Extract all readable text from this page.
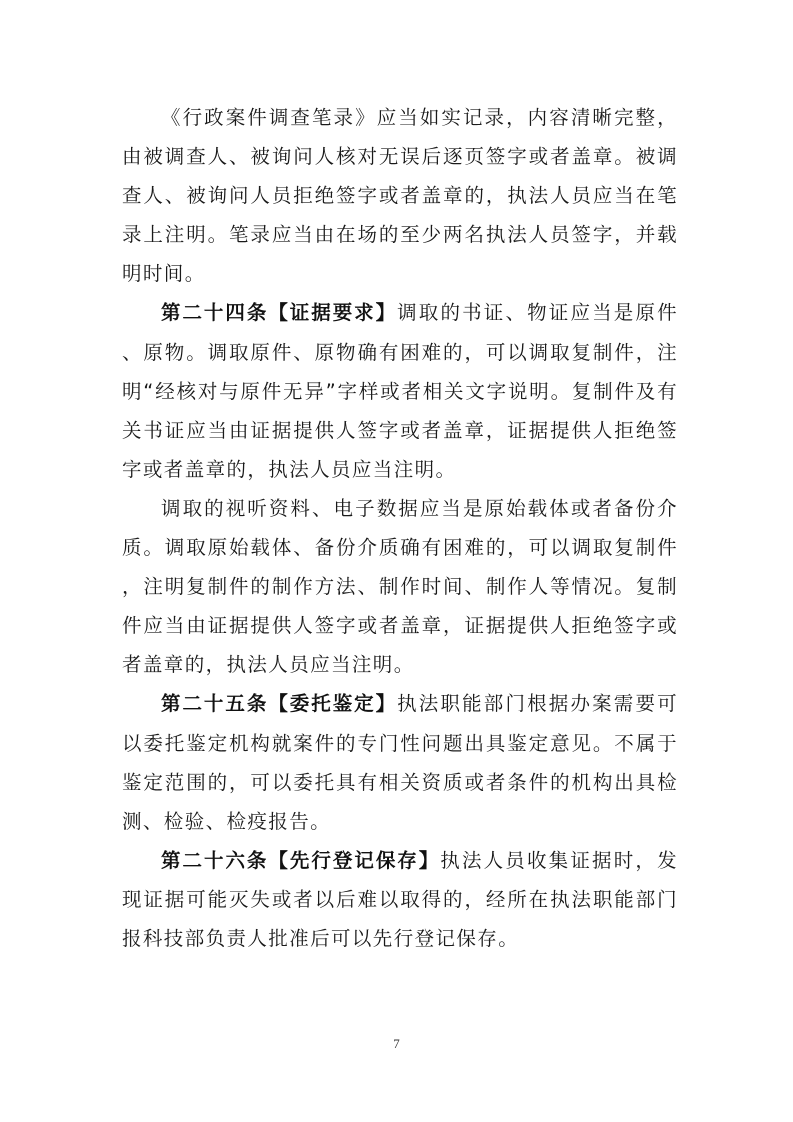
《行政案件调查笔录》应当如实记录，内容清晰完整，由被调查人、被询问人核对无误后逐页签字或者盖章。被调查人、被询问人员拒绝签字或者盖章的，执法人员应当在笔录上注明。笔录应当由在场的至少两名执法人员签字，并载明时间。

第二十四条【证据要求】调取的书证、物证应当是原件、原物。调取原件、原物确有困难的，可以调取复制件，注明“经核对与原件无异”字样或者相关文字说明。复制件及有关书证应当由证据提供人签字或者盖章，证据提供人拒绝签字或者盖章的，执法人员应当注明。

调取的视听资料、电子数据应当是原始载体或者备份介质。调取原始载体、备份介质确有困难的，可以调取复制件，注明复制件的制作方法、制作时间、制作人等情况。复制件应当由证据提供人签字或者盖章，证据提供人拒绝签字或者盖章的，执法人员应当注明。

第二十五条【委托鉴定】执法职能部门根据办案需要可以委托鉴定机构就案件的专门性问题出具鉴定意见。不属于鉴定范围的，可以委托具有相关资质或者条件的机构出具检测、检验、检疫报告。

第二十六条【先行登记保存】执法人员收集证据时，发现证据可能灭失或者以后难以取得的，经所在执法职能部门报科技部负责人批准后可以先行登记保存。

7
